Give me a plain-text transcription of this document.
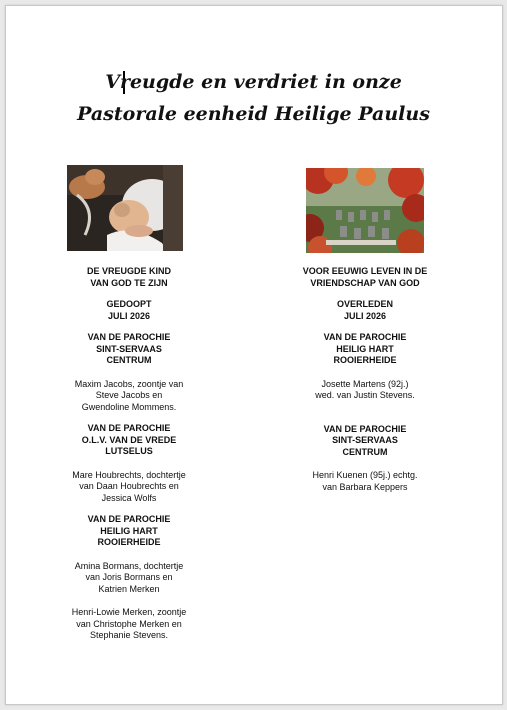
Vreugde en verdriet in onze
Pastorale eenheid Heilige Paulus
DE VREUGDE KIND
VAN GOD TE ZIJN
GEDOOPT
JULI 2026
VAN DE PAROCHIE
SINT-SERVAAS
CENTRUM
Maxim Jacobs, zoontje van
Steve Jacobs en
Gwendoline Mommens.
VAN DE PAROCHIE
O.L.V. VAN DE VREDE
LUTSELUS
Mare Houbrechts, dochtertje
van Daan Houbrechts en
Jessica Wolfs
VAN DE PAROCHIE
HEILIG HART
ROOIERHEIDE
Amina Bormans, dochtertje
van Joris Bormans en
Katrien Merken
Henri-Lowie Merken, zoontje
van Christophe Merken en
Stephanie Stevens.
VOOR EEUWIG LEVEN IN DE
VRIENDSCHAP VAN GOD
OVERLEDEN
JULI 2026
VAN DE PAROCHIE
HEILIG HART
ROOIERHEIDE
Josette Martens (92j.)
wed. van Justin Stevens.
VAN DE PAROCHIE
SINT-SERVAAS
CENTRUM
Henri Kuenen (95j.) echtg.
van Barbara Keppers
